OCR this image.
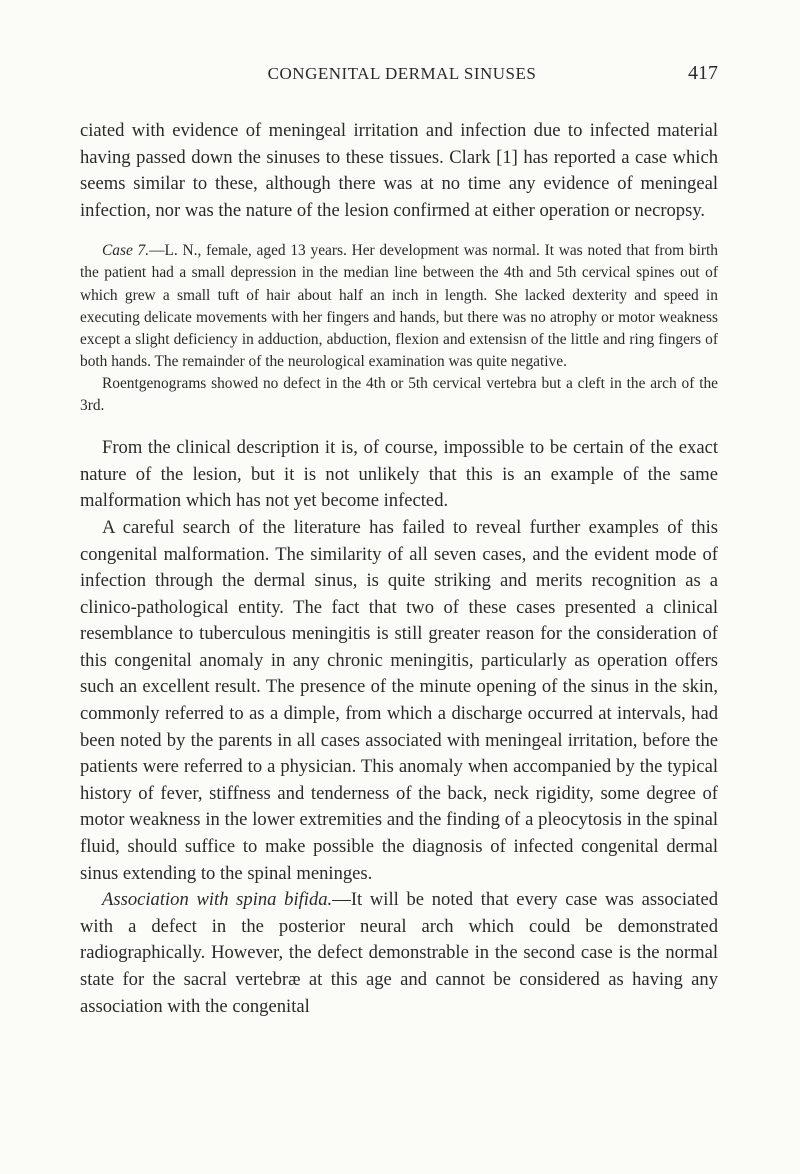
CONGENITAL DERMAL SINUSES	417

ciated with evidence of meningeal irritation and infection due to infected material having passed down the sinuses to these tissues. Clark [1] has reported a case which seems similar to these, although there was at no time any evidence of meningeal infection, nor was the nature of the lesion confirmed at either operation or necropsy.

Case 7.—L. N., female, aged 13 years. Her development was normal. It was noted that from birth the patient had a small depression in the median line between the 4th and 5th cervical spines out of which grew a small tuft of hair about half an inch in length. She lacked dexterity and speed in executing delicate movements with her fingers and hands, but there was no atrophy or motor weakness except a slight deficiency in adduction, abduction, flexion and extensisn of the little and ring fingers of both hands. The remainder of the neurological examination was quite negative.

Roentgenograms showed no defect in the 4th or 5th cervical vertebra but a cleft in the arch of the 3rd.

From the clinical description it is, of course, impossible to be certain of the exact nature of the lesion, but it is not unlikely that this is an example of the same malformation which has not yet become infected.

A careful search of the literature has failed to reveal further examples of this congenital malformation. The similarity of all seven cases, and the evident mode of infection through the dermal sinus, is quite striking and merits recognition as a clinico-pathological entity. The fact that two of these cases presented a clinical resemblance to tuberculous meningitis is still greater reason for the consideration of this congenital anomaly in any chronic meningitis, particularly as operation offers such an excellent result. The presence of the minute opening of the sinus in the skin, commonly referred to as a dimple, from which a discharge occurred at intervals, had been noted by the parents in all cases associated with meningeal irritation, before the patients were referred to a physician. This anomaly when accompanied by the typical history of fever, stiffness and tenderness of the back, neck rigidity, some degree of motor weakness in the lower extremities and the finding of a pleocytosis in the spinal fluid, should suffice to make possible the diagnosis of infected congenital dermal sinus extending to the spinal meninges.

Association with spina bifida.—It will be noted that every case was associated with a defect in the posterior neural arch which could be demonstrated radiographically. However, the defect demonstrable in the second case is the normal state for the sacral vertebræ at this age and cannot be considered as having any association with the congenital
